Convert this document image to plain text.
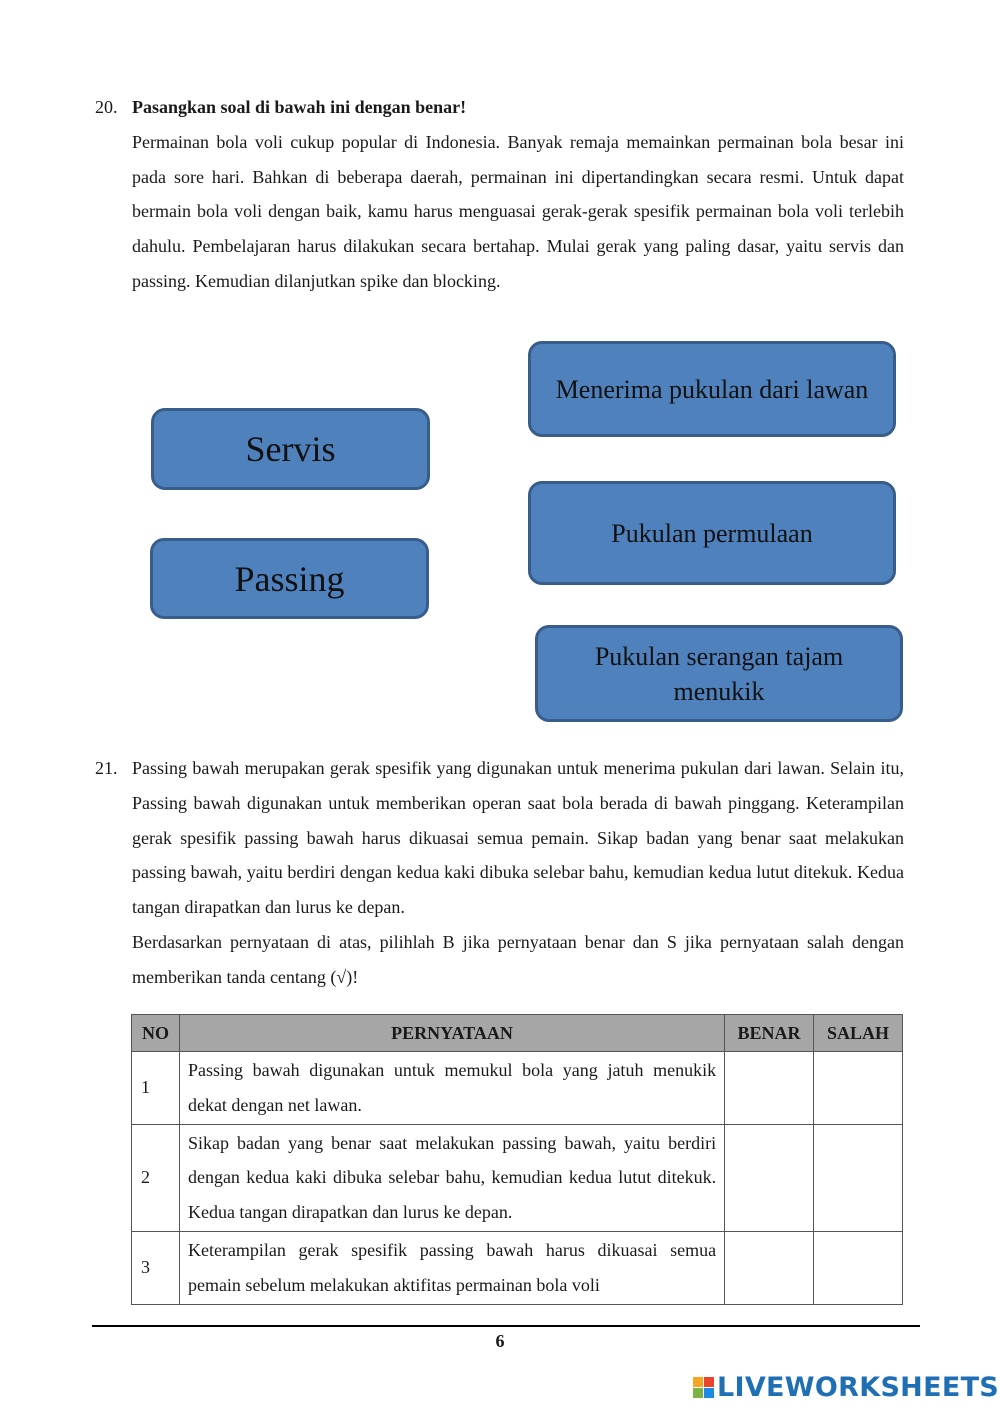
20. Pasangkan soal di bawah ini dengan benar!

Permainan bola voli cukup popular di Indonesia. Banyak remaja memainkan permainan bola besar ini pada sore hari. Bahkan di beberapa daerah, permainan ini dipertandingkan secara resmi. Untuk dapat bermain bola voli dengan baik, kamu harus menguasai gerak-gerak spesifik permainan bola voli terlebih dahulu. Pembelajaran harus dilakukan secara bertahap. Mulai gerak yang paling dasar, yaitu servis dan passing. Kemudian dilanjutkan spike dan blocking.

Servis
Passing
Menerima pukulan dari lawan
Pukulan permulaan
Pukulan serangan tajam menukik
21. Passing bawah merupakan gerak spesifik yang digunakan untuk menerima pukulan dari lawan. Selain itu, Passing bawah digunakan untuk memberikan operan saat bola berada di bawah pinggang. Keterampilan gerak spesifik passing bawah harus dikuasai semua pemain. Sikap badan yang benar saat melakukan passing bawah, yaitu berdiri dengan kedua kaki dibuka selebar bahu, kemudian kedua lutut ditekuk. Kedua tangan dirapatkan dan lurus ke depan.

Berdasarkan pernyataan di atas, pilihlah B jika pernyataan benar dan S jika pernyataan salah dengan memberikan tanda centang (√)!

NO	PERNYATAAN	BENAR	SALAH
1	Passing bawah digunakan untuk memukul bola yang jatuh menukik dekat dengan net lawan.		
2	Sikap badan yang benar saat melakukan passing bawah, yaitu berdiri dengan kedua kaki dibuka selebar bahu, kemudian kedua lutut ditekuk. Kedua tangan dirapatkan dan lurus ke depan.		
3	Keterampilan gerak spesifik passing bawah harus dikuasai semua pemain sebelum melakukan aktifitas permainan bola voli		
6
LIVEWORKSHEETS
